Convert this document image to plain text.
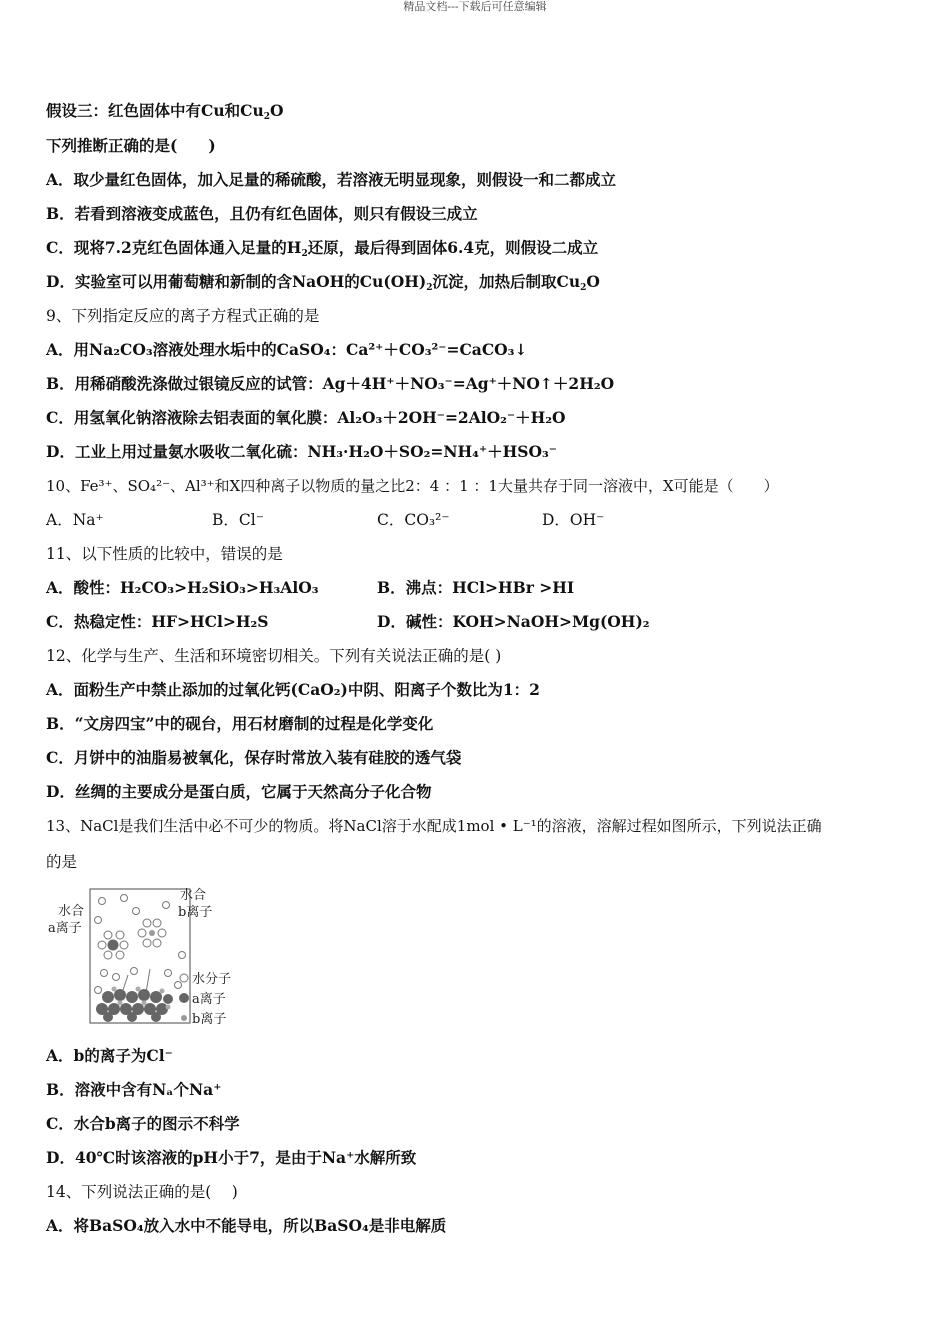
精品文档---下载后可任意编辑
假设三：红色固体中有Cu和$Cu_2O$
下列推断正确的是(　　)
A．取少量红色固体，加入足量的稀硫酸，若溶液无明显现象，则假设一和二都成立
B．若看到溶液变成蓝色，且仍有红色固体，则只有假设三成立
C．现将7.2克红色固体通入足量的$H_2$还原，最后得到固体6.4克，则假设二成立
D．实验室可以用葡萄糖和新制的含NaOH的$Cu(OH)_2$沉淀，加热后制取$Cu_2O$
9、下列指定反应的离子方程式正确的是
A．用Na₂CO₃溶液处理水垢中的CaSO₄：Ca²⁺＋CO₃²⁻=CaCO₃↓
B．用稀硝酸洗涤做过银镜反应的试管：Ag＋4H⁺＋NO₃⁻=Ag⁺＋NO↑＋2H₂O
C．用氢氧化钠溶液除去铝表面的氧化膜：Al₂O₃＋2OH⁻=2AlO₂⁻＋H₂O
D．工业上用过量氨水吸收二氧化硫：NH₃·H₂O＋SO₂=NH₄⁺＋HSO₃⁻
10、Fe³⁺、SO₄²⁻、Al³⁺和X四种离子以物质的量之比2：4 ：1 ：1大量共存于同一溶液中，X可能是（　　）
A．Na⁺	B．Cl⁻	C．CO₃²⁻	D．OH⁻
11、以下性质的比较中，错误的是
A．酸性：H₂CO₃>H₂SiO₃>H₃AlO₃	B．沸点：HCl>HBr >HI
C．热稳定性：HF>HCl>H₂S	D．碱性：KOH>NaOH>Mg(OH)₂
12、化学与生产、生活和环境密切相关。下列有关说法正确的是( )
A．面粉生产中禁止添加的过氧化钙(CaO₂)中阴、阳离子个数比为1：2
B．“文房四宝”中的砚台，用石材磨制的过程是化学变化
C．月饼中的油脂易被氧化，保存时常放入装有硅胶的透气袋
D．丝绸的主要成分是蛋白质，它属于天然高分子化合物
13、NaCl是我们生活中必不可少的物质。将NaCl溶于水配成1mol • L⁻¹的溶液，溶解过程如图所示，下列说法正确
的是
水合
a离子
水合
b离子
水分子
a离子
b离子
A．b的离子为Cl⁻
B．溶液中含有Nₐ个Na⁺
C．水合b离子的图示不科学
D．40℃时该溶液的pH小于7，是由于Na⁺水解所致
14、下列说法正确的是(　 )
A．将BaSO₄放入水中不能导电，所以BaSO₄是非电解质
